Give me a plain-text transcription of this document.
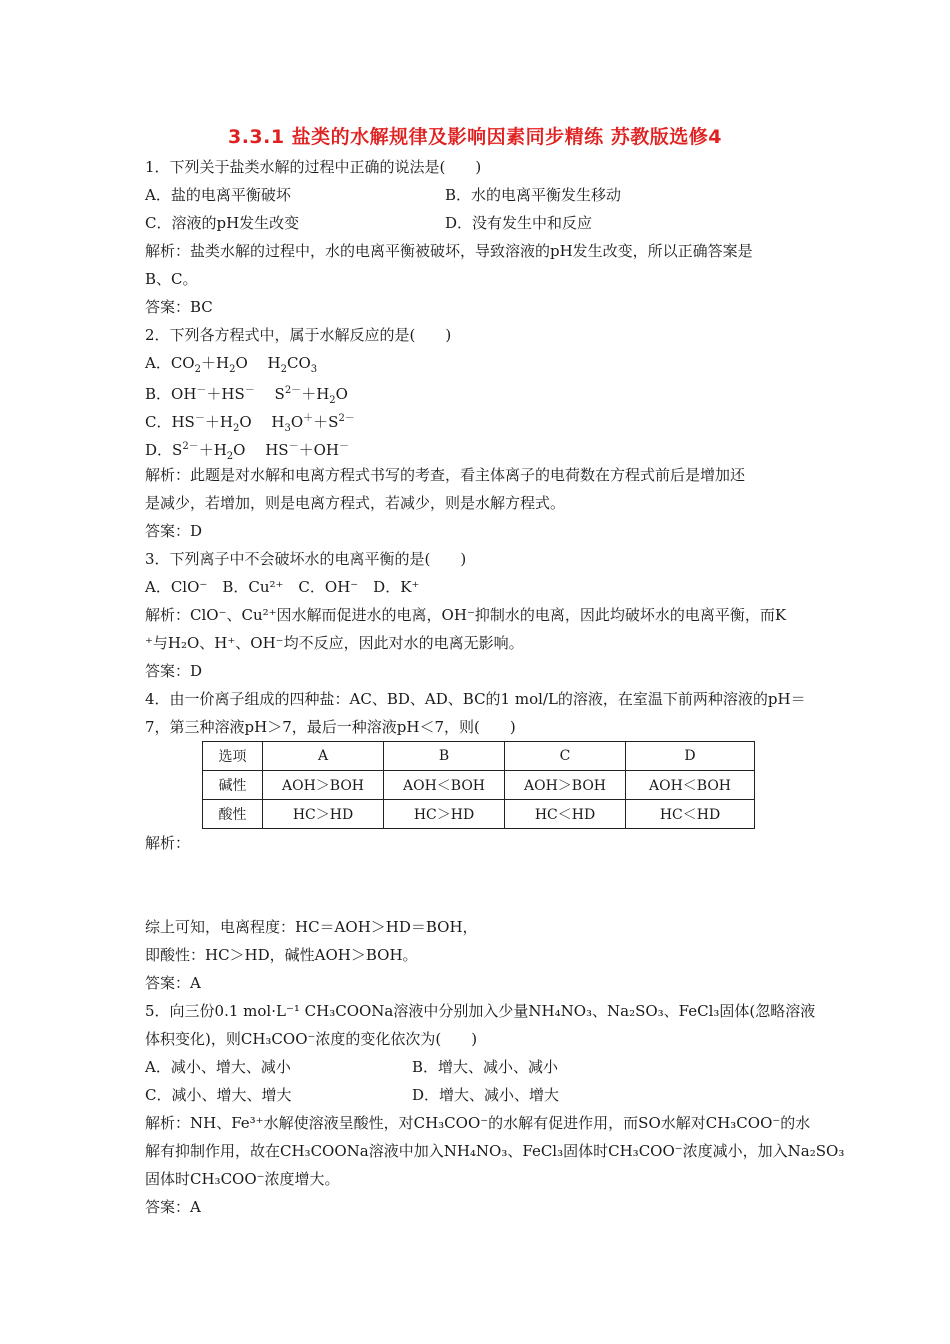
3.3.1 盐类的水解规律及影响因素同步精练 苏教版选修4
1．下列关于盐类水解的过程中正确的说法是(　　)
A．盐的电离平衡破坏	B．水的电离平衡发生移动
C．溶液的pH发生改变	D．没有发生中和反应
解析：盐类水解的过程中，水的电离平衡被破坏，导致溶液的pH发生改变，所以正确答案是
B、C。
答案：BC
2．下列各方程式中，属于水解反应的是(　　)
A．$CO_2+H_2O$　 $H_2CO_3$
B．OH－＋HS－　 $S^{2-}+H_2O$
C．$HS^-+H_2O$　 $H_3O^++S^{2-}$
D．$S^{2-}+H_2O$　 HS－＋OH－
解析：此题是对水解和电离方程式书写的考查，看主体离子的电荷数在方程式前后是增加还
是减少，若增加，则是电离方程式，若减少，则是水解方程式。
答案：D
3．下列离子中不会破坏水的电离平衡的是(　　)
A．ClO⁻　B．Cu²⁺　C．OH⁻　D．K⁺
解析：ClO⁻、Cu²⁺因水解而促进水的电离，OH⁻抑制水的电离，因此均破坏水的电离平衡，而K
⁺与H₂O、H⁺、OH⁻均不反应，因此对水的电离无影响。
答案：D
4．由一价离子组成的四种盐：AC、BD、AD、BC的1 mol/L的溶液，在室温下前两种溶液的pH＝
7，第三种溶液pH＞7，最后一种溶液pH＜7，则(　　)
选项	A	B	C	D
碱性	AOH＞BOH	AOH＜BOH	AOH＞BOH	AOH＜BOH
酸性	HC＞HD	HC＞HD	HC＜HD	HC＜HD
解析：
综上可知，电离程度：HC＝AOH＞HD＝BOH，
即酸性：HC＞HD，碱性AOH＞BOH。
答案：A
5．向三份0.1 mol·L⁻¹ CH₃COONa溶液中分别加入少量NH₄NO₃、Na₂SO₃、FeCl₃固体(忽略溶液
体积变化)，则CH₃COO⁻浓度的变化依次为(　　)
A．减小、增大、减小	B．增大、减小、减小
C．减小、增大、增大	D．增大、减小、增大
解析：NH、Fe³⁺水解使溶液呈酸性，对CH₃COO⁻的水解有促进作用，而SO水解对CH₃COO⁻的水
解有抑制作用，故在CH₃COONa溶液中加入NH₄NO₃、FeCl₃固体时CH₃COO⁻浓度减小，加入Na₂SO₃
固体时CH₃COO⁻浓度增大。
答案：A
